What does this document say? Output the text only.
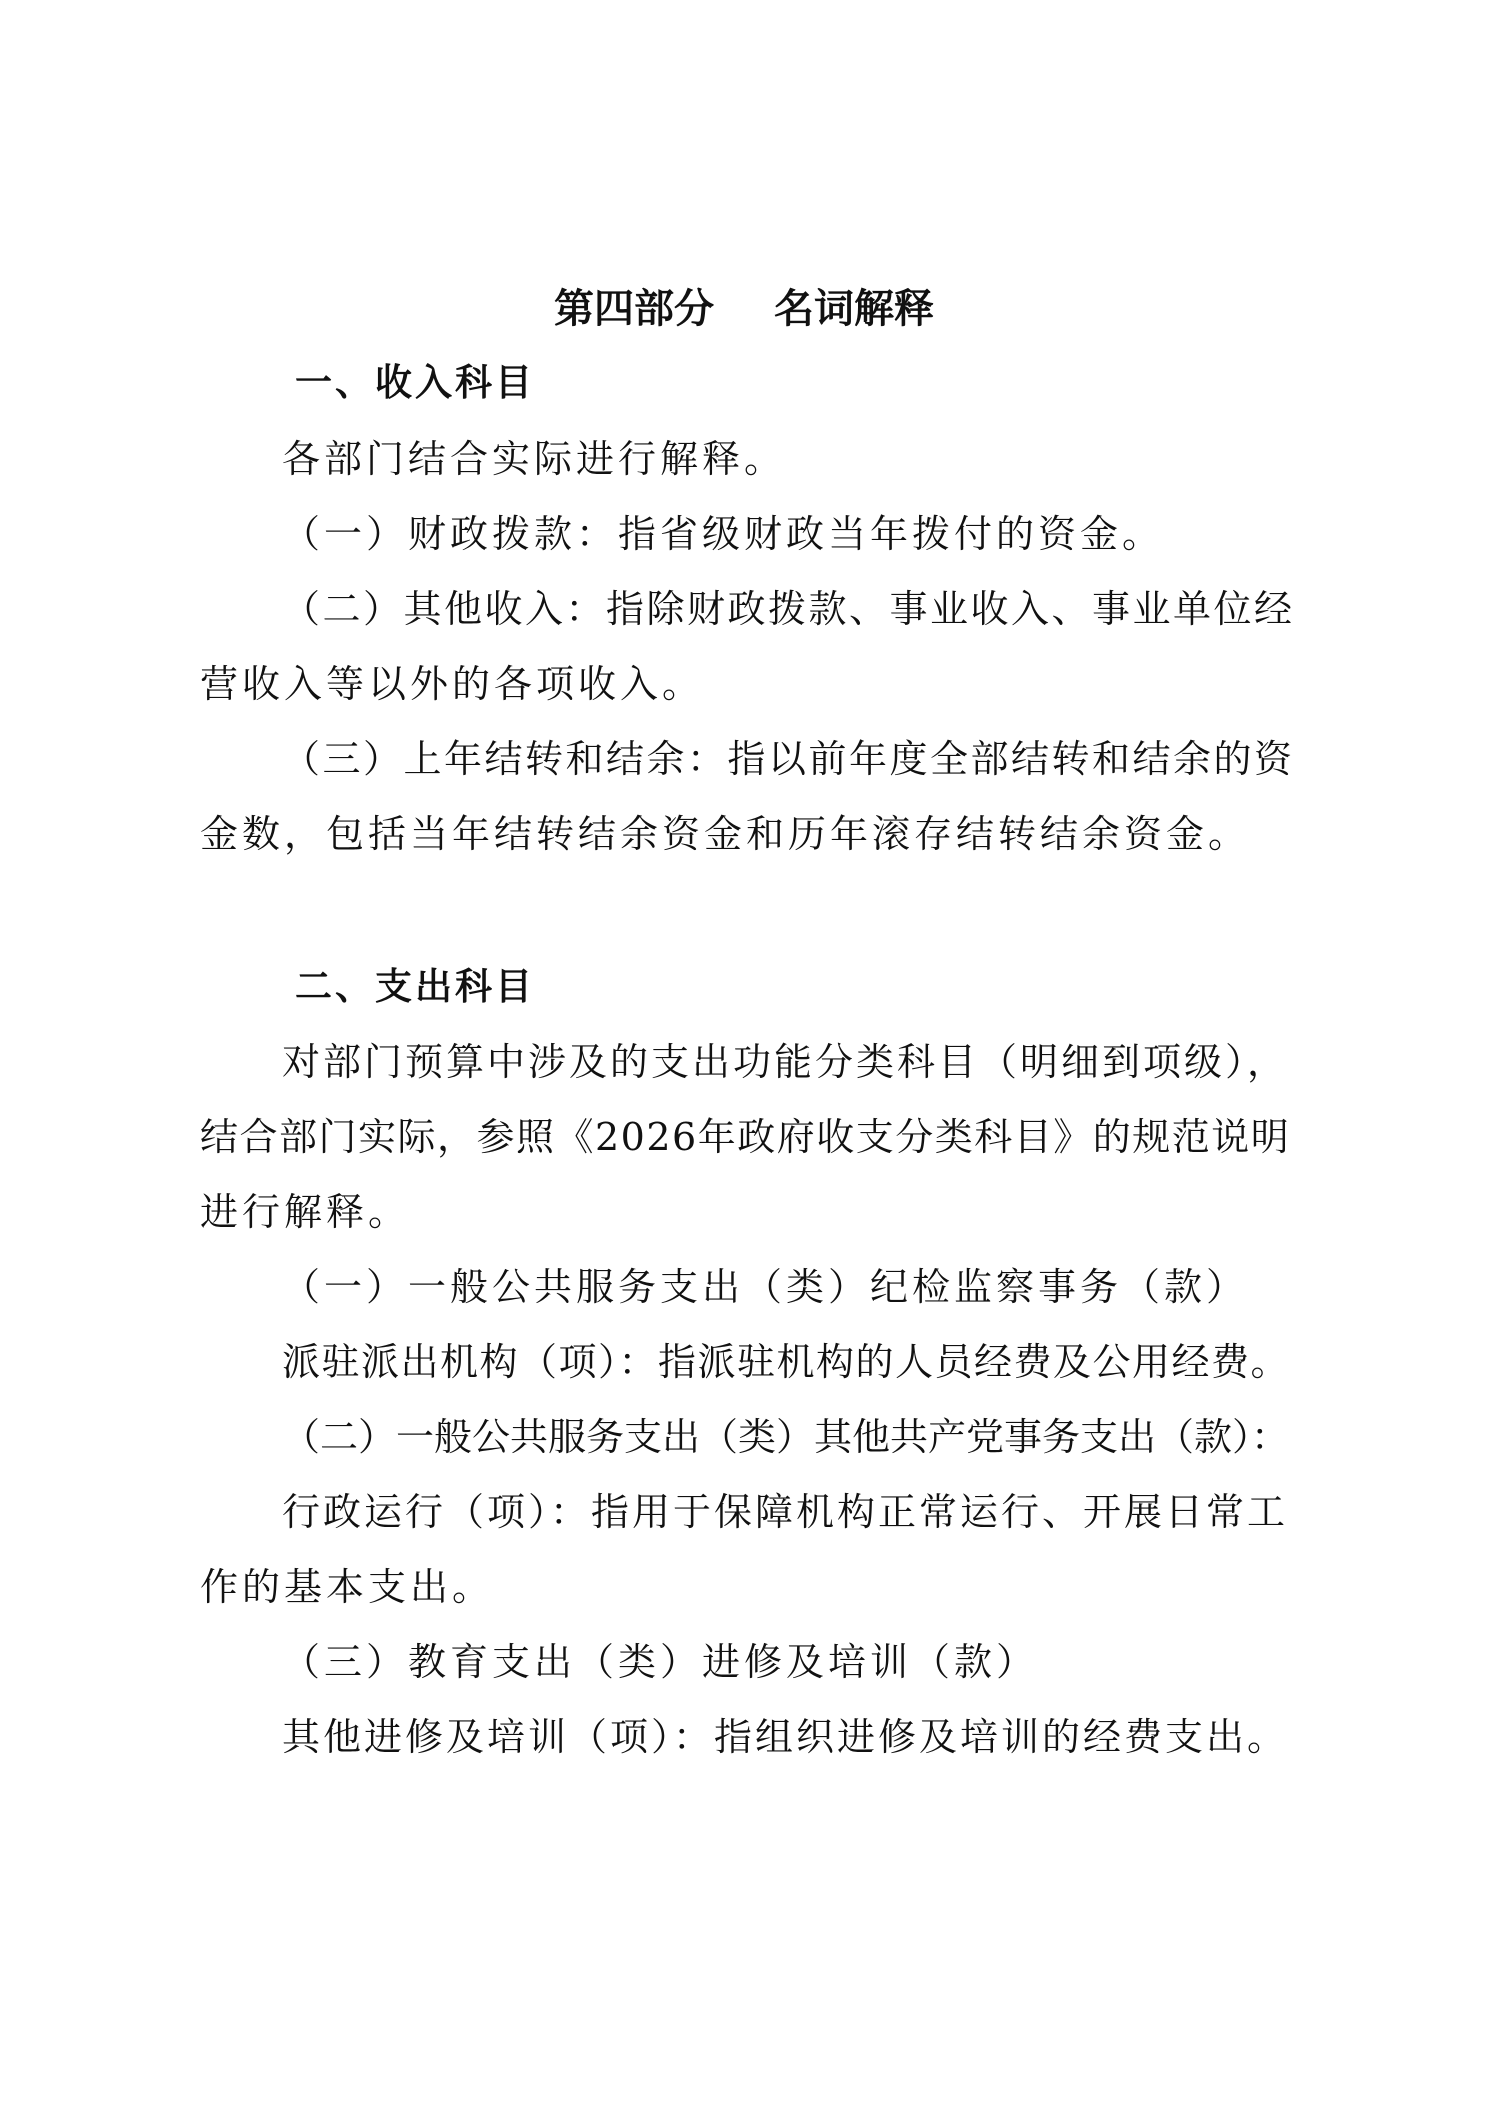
第四部分 名词解释
一、收入科目
各部门结合实际进行解释。
（一）财政拨款：指省级财政当年拨付的资金。
（二）其他收入：指除财政拨款、事业收入、事业单位经
营收入等以外的各项收入。
（三）上年结转和结余：指以前年度全部结转和结余的资
金数，包括当年结转结余资金和历年滚存结转结余资金。
二、支出科目
对部门预算中涉及的支出功能分类科目（明细到项级），
结合部门实际，参照《2026年政府收支分类科目》的规范说明
进行解释。
（一）一般公共服务支出（类）纪检监察事务（款）
派驻派出机构（项）：指派驻机构的人员经费及公用经费。
（二）一般公共服务支出（类）其他共产党事务支出（款）：
行政运行（项）：指用于保障机构正常运行、开展日常工
作的基本支出。
（三）教育支出（类）进修及培训（款）
其他进修及培训（项）：指组织进修及培训的经费支出。
